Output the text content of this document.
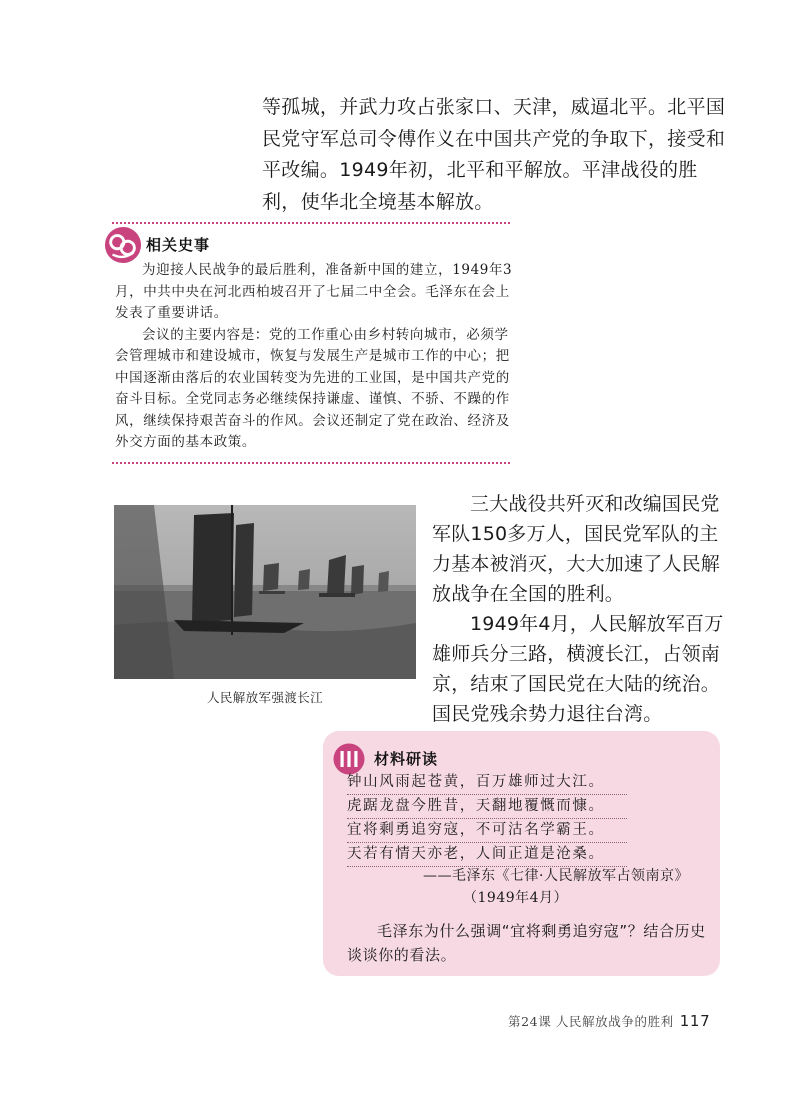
等孤城，并武力攻占张家口、天津，威逼北平。北平国民党守军总司令傅作义在中国共产党的争取下，接受和平改编。1949年初，北平和平解放。平津战役的胜利，使华北全境基本解放。

相关史事

为迎接人民战争的最后胜利，准备新中国的建立，1949年3月，中共中央在河北西柏坡召开了七届二中全会。毛泽东在会上发表了重要讲话。

会议的主要内容是：党的工作重心由乡村转向城市，必须学会管理城市和建设城市，恢复与发展生产是城市工作的中心；把中国逐渐由落后的农业国转变为先进的工业国，是中国共产党的奋斗目标。全党同志务必继续保持谦虚、谨慎、不骄、不躁的作风，继续保持艰苦奋斗的作风。会议还制定了党在政治、经济及外交方面的基本政策。

人民解放军强渡长江

三大战役共歼灭和改编国民党军队150多万人，国民党军队的主力基本被消灭，大大加速了人民解放战争在全国的胜利。

1949年4月，人民解放军百万雄师兵分三路，横渡长江，占领南京，结束了国民党在大陆的统治。国民党残余势力退往台湾。

材料研读
钟山风雨起苍黄，百万雄师过大江。
虎踞龙盘今胜昔，天翻地覆慨而慷。
宜将剩勇追穷寇，不可沽名学霸王。
天若有情天亦老，人间正道是沧桑。
——毛泽东《七律·人民解放军占领南京》
（1949年4月）

毛泽东为什么强调“宜将剩勇追穷寇”？结合历史谈谈你的看法。

第24课 人民解放战争的胜利 117
